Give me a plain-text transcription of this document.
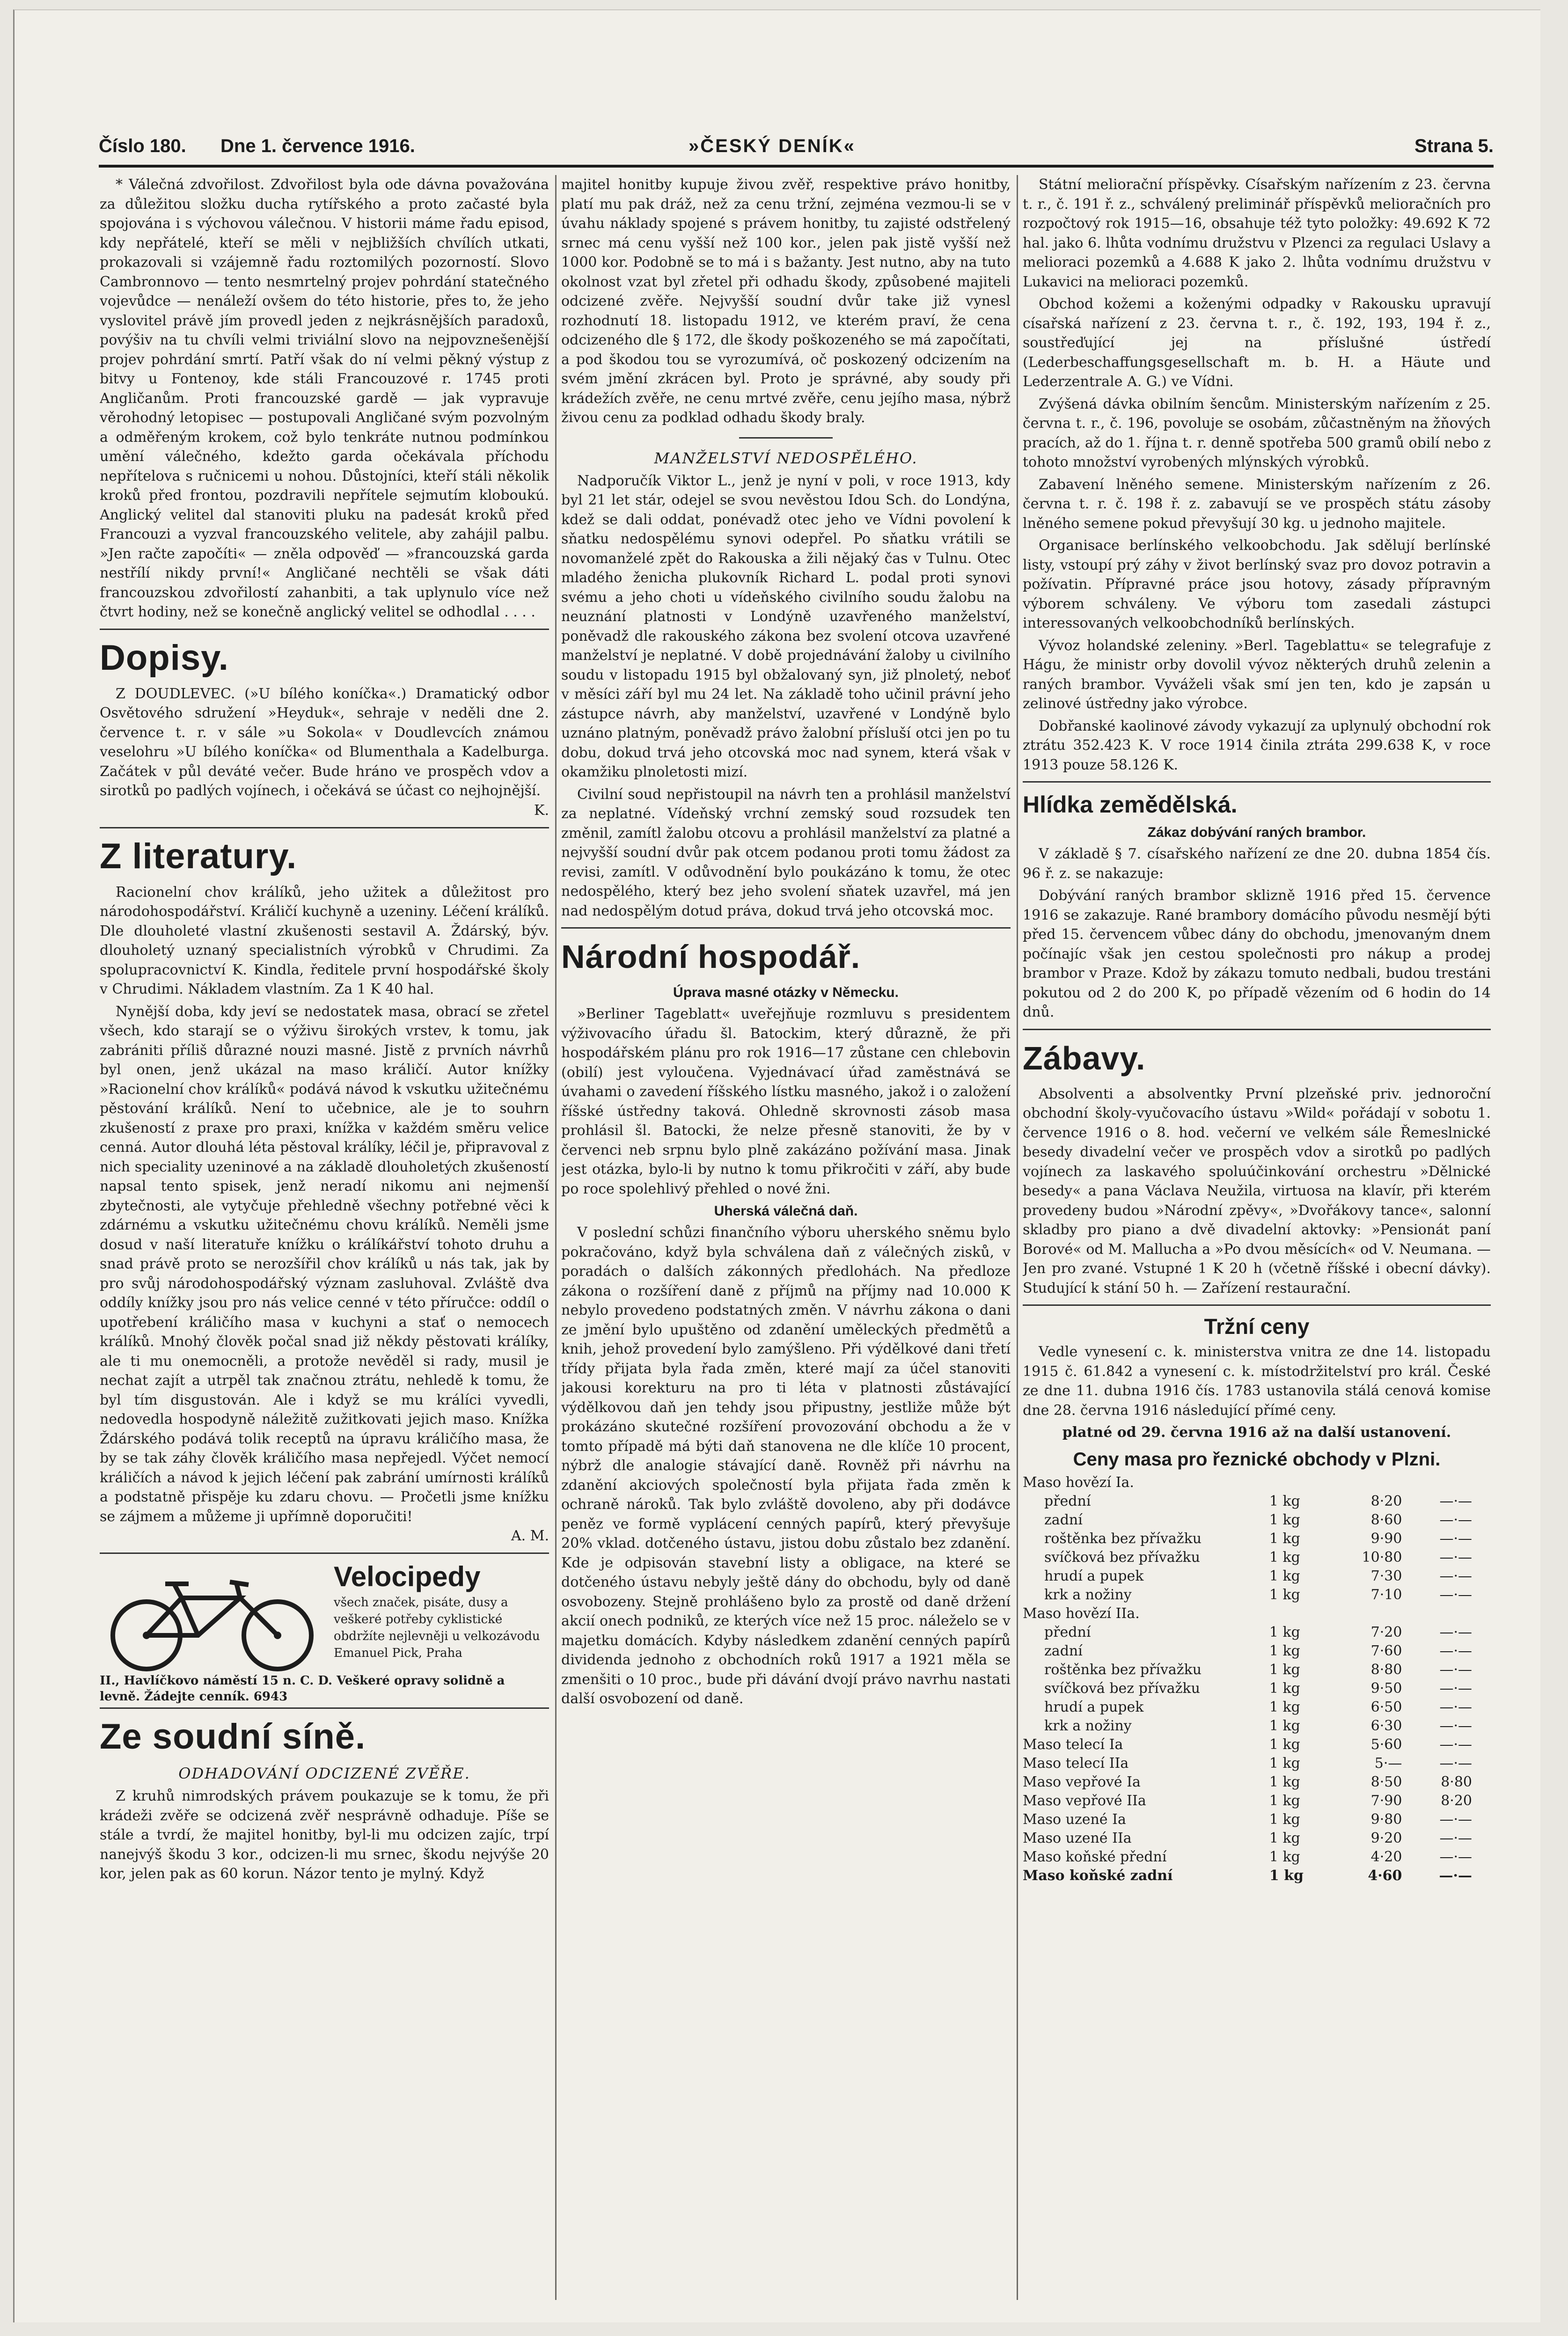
Číslo 180. Dne 1. července 1916.	»ČESKÝ DENÍK«	Strana 5.

* Válečná zdvořilost. Zdvořilost byla ode dávna považována za důležitou složku ducha rytířského a proto začasté byla spojována i s výchovou válečnou. V historii máme řadu episod, kdy nepřátelé, kteří se měli v nejbližších chvílích utkati, prokazovali si vzájemně řadu roztomilých pozorností. Slovo Cambronnovo — tento nesmrtelný projev pohrdání statečného vojevůdce — nenáleží ovšem do této historie, přes to, že jeho vyslovitel právě jím provedl jeden z nejkrásnějších paradoxů, povýšiv na tu chvíli velmi triviální slovo na nejpovznešenější projev pohrdání smrtí. Patří však do ní velmi pěkný výstup z bitvy u Fontenoy, kde stáli Francouzové r. 1745 proti Angličanům. Proti francouzské gardě — jak vypravuje věrohodný letopisec — postupovali Angličané svým pozvolným a odměřeným krokem, což bylo tenkráte nutnou podmínkou umění válečného, kdežto garda očekávala příchodu nepřítelova s ručnicemi u nohou. Důstojníci, kteří stáli několik kroků před frontou, pozdravili nepřítele sejmutím kloboukú. Anglický velitel dal stanoviti pluku na padesát kroků před Francouzi a vyzval francouzského velitele, aby zahájil palbu. »Jen račte započíti« — zněla odpověď — »francouzská garda nestřílí nikdy první!« Angličané nechtěli se však dáti francouzskou zdvořilostí zahanbiti, a tak uplynulo více než čtvrt hodiny, než se konečně anglický velitel se odhodlal . . . .

Dopisy.

Z DOUDLEVEC. (»U bílého koníčka«.) Dramatický odbor Osvětového sdružení »Heyduk«, sehraje v neděli dne 2. července t. r. v sále »u Sokola« v Doudlevcích známou veselohru »U bílého koníčka« od Blumenthala a Kadelburga. Začátek v půl deváté večer. Bude hráno ve prospěch vdov a sirotků po padlých vojínech, i očekává se účast co nejhojnější.

K.
Z literatury.

Racionelní chov králíků, jeho užitek a důležitost pro národohospodářství. Králičí kuchyně a uzeniny. Léčení králíků. Dle dlouholeté vlastní zkušenosti sestavil A. Ždárský, býv. dlouholetý uznaný specialistních výrobků v Chrudimi. Za spolupracovnictví K. Kindla, ředitele první hospodářské školy v Chrudimi. Nákladem vlastním. Za 1 K 40 hal.

Nynější doba, kdy jeví se nedostatek masa, obrací se zřetel všech, kdo starají se o výživu širokých vrstev, k tomu, jak zabrániti příliš důrazné nouzi masné. Jistě z prvních návrhů byl onen, jenž ukázal na maso králičí. Autor knížky »Racionelní chov králíků« podává návod k vskutku užitečnému pěstování králíků. Není to učebnice, ale je to souhrn zkušeností z praxe pro praxi, knížka v každém směru velice cenná. Autor dlouhá léta pěstoval králíky, léčil je, připravoval z nich speciality uzeninové a na základě dlouholetých zkušeností napsal tento spisek, jenž neradí nikomu ani nejmenší zbytečnosti, ale vytyčuje přehledně všechny potřebné věci k zdárnému a vskutku užitečnému chovu králíků. Neměli jsme dosud v naší literatuře knížku o králíkářství tohoto druhu a snad právě proto se nerozšířil chov králíků u nás tak, jak by pro svůj národohospodářský význam zasluhoval. Zvláště dva oddíly knížky jsou pro nás velice cenné v této příručce: oddíl o upotřebení králičího masa v kuchyni a stať o nemocech králíků. Mnohý člověk počal snad již někdy pěstovati králíky, ale ti mu onemocněli, a protože nevěděl si rady, musil je nechat zajít a utrpěl tak značnou ztrátu, nehledě k tomu, že byl tím disgustován. Ale i když se mu králíci vyvedli, nedovedla hospodyně náležitě zužitkovati jejich maso. Knížka Ždárského podává tolik receptů na úpravu králičího masa, že by se tak záhy člověk králičího masa nepřejedl. Výčet nemocí králičích a návod k jejich léčení pak zabrání umírnosti králíků a podstatně přispěje ku zdaru chovu. — Pročetli jsme knížku se zájmem a můžeme ji upřímně doporučiti!

A. M.
Velocipedy
všech značek, pisáte, dusy a veškeré potřeby cyklistické obdržíte nejlevněji u velkozávodu Emanuel Pick, Praha
II., Havlíčkovo náměstí 15 n. C. D. Veškeré opravy solidně a levně. Žádejte cenník. 6943
Ze soudní síně.
ODHADOVÁNÍ ODCIZENÉ ZVĚŘE.

Z kruhů nimrodských právem poukazuje se k tomu, že při krádeži zvěře se odcizená zvěř nesprávně odhaduje. Píše se stále a tvrdí, že majitel honitby, byl-li mu odcizen zajíc, trpí nanejvýš škodu 3 kor., odcizen-li mu srnec, škodu nejvýše 20 kor, jelen pak as 60 korun. Názor tento je mylný. Když

majitel honitby kupuje živou zvěř, respektive právo honitby, platí mu pak dráž, než za cenu tržní, zejména vezmou-li se v úvahu náklady spojené s právem honitby, tu zajisté odstřelený srnec má cenu vyšší než 100 kor., jelen pak jistě vyšší než 1000 kor. Podobně se to má i s bažanty. Jest nutno, aby na tuto okolnost vzat byl zřetel při odhadu škody, způsobené majiteli odcizené zvěře. Nejvyšší soudní dvůr take již vynesl rozhodnutí 18. listopadu 1912, ve kterém praví, že cena odcizeného dle § 172, dle škody poškozeného se má započítati, a pod škodou tou se vyrozumívá, oč poskozený odcizením na svém jmění zkrácen byl. Proto je správné, aby soudy při krádežích zvěře, ne cenu mrtvé zvěře, cenu jejího masa, nýbrž živou cenu za podklad odhadu škody braly.

MANŽELSTVÍ NEDOSPĚLÉHO.

Nadporučík Viktor L., jenž je nyní v poli, v roce 1913, kdy byl 21 let stár, odejel se svou nevěstou Idou Sch. do Londýna, kdež se dali oddat, ponévadž otec jeho ve Vídni povolení k sňatku nedospělému synovi odepřel. Po sňatku vrátili se novomanželé zpět do Rakouska a žili nějaký čas v Tulnu. Otec mladého ženicha plukovník Richard L. podal proti synovi svému a jeho choti u vídeňského civilního soudu žalobu na neuznání platnosti v Londýně uzavřeného manželství, poněvadž dle rakouského zákona bez svolení otcova uzavřené manželství je neplatné. V době projednávání žaloby u civilního soudu v listopadu 1915 byl obžalovaný syn, již plnoletý, neboť v měsíci září byl mu 24 let. Na základě toho učinil právní jeho zástupce návrh, aby manželství, uzavřené v Londýně bylo uznáno platným, poněvadž právo žalobní přísluší otci jen po tu dobu, dokud trvá jeho otcovská moc nad synem, která však v okamžiku plnoletosti mizí.

Civilní soud nepřistoupil na návrh ten a prohlásil manželství za neplatné. Vídeňský vrchní zemský soud rozsudek ten změnil, zamítl žalobu otcovu a prohlásil manželství za platné a nejvyšší soudní dvůr pak otcem podanou proti tomu žádost za revisi, zamítl. V odůvodnění bylo poukázáno k tomu, že otec nedospělého, který bez jeho svolení sňatek uzavřel, má jen nad nedospělým dotud práva, dokud trvá jeho otcovská moc.

Národní hospodář.
Úprava masné otázky v Německu.

»Berliner Tageblatt« uveřejňuje rozmluvu s presidentem výživovacího úřadu šl. Batockim, který důrazně, že při hospodářském plánu pro rok 1916—17 zůstane cen chlebovin (obilí) jest vyloučena. Vyjednávací úřad zaměstnává se úvahami o zavedení říšského lístku masného, jakož i o založení říšské ústředny taková. Ohledně skrovnosti zásob masa prohlásil šl. Batocki, že nelze přesně stanoviti, že by v červenci neb srpnu bylo plně zakázáno požívání masa. Jinak jest otázka, bylo-li by nutno k tomu přikročiti v září, aby bude po roce spolehlivý přehled o nové žni.

Uherská válečná daň.

V poslední schůzi finančního výboru uherského sněmu bylo pokračováno, když byla schválena daň z válečných zisků, v poradách o dalších zákonných předlohách. Na předloze zákona o rozšíření daně z příjmů na příjmy nad 10.000 K nebylo provedeno podstatných změn. V návrhu zákona o dani ze jmění bylo upuštěno od zdanění uměleckých předmětů a knih, jehož provedení bylo zamýšleno. Při výdělkové dani třetí třídy přijata byla řada změn, které mají za účel stanoviti jakousi korekturu na pro ti léta v platnosti zůstávající výdělkovou daň jen tehdy jsou připustny, jestliže může být prokázáno skutečné rozšíření provozování obchodu a že v tomto případě má býti daň stanovena ne dle klíče 10 procent, nýbrž dle analogie stávající daně. Rovněž při návrhu na zdanění akciových společností byla přijata řada změn k ochraně nároků. Tak bylo zvláště dovoleno, aby při dodávce peněz ve formě vyplácení cenných papírů, který převyšuje 20% vklad. dotčeného ústavu, jistou dobu zůstalo bez zdanění. Kde je odpisován stavební listy a obligace, na které se dotčeného ústavu nebyly ještě dány do obchodu, byly od daně osvobozeny. Stejně prohlášeno bylo za prostě od daně držení akcií onech podniků, ze kterých více než 15 proc. náleželo se v majetku domácích. Kdyby následkem zdanění cenných papírů dividenda jednoho z obchodních roků 1917 a 1921 měla se zmenšiti o 10 proc., bude při dávání dvojí právo navrhu nastati další osvobození od daně.

Státní meliorační příspěvky. Císařským nařízením z 23. června t. r., č. 191 ř. z., schválený preliminář příspěvků melioračních pro rozpočtový rok 1915—16, obsahuje též tyto položky: 49.692 K 72 hal. jako 6. lhůta vodnímu družstvu v Plzenci za regulaci Uslavy a melioraci pozemků a 4.688 K jako 2. lhůta vodnímu družstvu v Lukavici na melioraci pozemků.

Obchod kožemi a koženými odpadky v Rakousku upravují císařská nařízení z 23. června t. r., č. 192, 193, 194 ř. z., soustřeďující jej na příslušné ústředí (Lederbeschaffungsgesellschaft m. b. H. a Häute und Lederzentrale A. G.) ve Vídni.

Zvýšená dávka obilním šencům. Ministerským nařízením z 25. června t. r., č. 196, povoluje se osobám, zůčastněným na žňových pracích, až do 1. října t. r. denně spotřeba 500 gramů obilí nebo z tohoto množství vyrobených mlýnských výrobků.

Zabavení lněného semene. Ministerským nařízením z 26. června t. r. č. 198 ř. z. zabavují se ve prospěch státu zásoby lněného semene pokud převyšují 30 kg. u jednoho majitele.

Organisace berlínského velkoobchodu. Jak sdělují berlínské listy, vstoupí prý záhy v život berlínský svaz pro dovoz potravin a požívatin. Přípravné práce jsou hotovy, zásady přípravným výborem schváleny. Ve výboru tom zasedali zástupci interessovaných velkoobchodníků berlínských.

Vývoz holandské zeleniny. »Berl. Tageblattu« se telegrafuje z Hágu, že ministr orby dovolil vývoz některých druhů zelenin a raných brambor. Vyváželi však smí jen ten, kdo je zapsán u zelinové ústředny jako výrobce.

Dobřanské kaolinové závody vykazují za uplynulý obchodní rok ztrátu 352.423 K. V roce 1914 činila ztráta 299.638 K, v roce 1913 pouze 58.126 K.

Hlídka zemědělská.
Zákaz dobývání raných brambor.

V základě § 7. císařského nařízení ze dne 20. dubna 1854 čís. 96 ř. z. se nakazuje:

Dobývání raných brambor sklizně 1916 před 15. července 1916 se zakazuje. Rané brambory domácího původu nesmějí býti před 15. červencem vůbec dány do obchodu, jmenovaným dnem počínajíc však jen cestou společnosti pro nákup a prodej brambor v Praze. Kdož by zákazu tomuto nedbali, budou trestáni pokutou od 2 do 200 K, po případě vězením od 6 hodin do 14 dnů.

Zábavy.

Absolventi a absolventky První plzeňské priv. jednoroční obchodní školy-vyučovacího ústavu »Wild« pořádají v sobotu 1. července 1916 o 8. hod. večerní ve velkém sále Řemeslnické besedy divadelní večer ve prospěch vdov a sirotků po padlých vojínech za laskavého spoluúčinkování orchestru »Dělnické besedy« a pana Václava Neužila, virtuosa na klavír, při kterém provedeny budou »Národní zpěvy«, »Dvořákovy tance«, salonní skladby pro piano a dvě divadelní aktovky: »Pensionát paní Borové« od M. Mallucha a »Po dvou měsících« od V. Neumana. — Jen pro zvané. Vstupné 1 K 20 h (včetně říšské i obecní dávky). Studující k stání 50 h. — Zařízení restaurační.

Tržní ceny

Vedle vynesení c. k. ministerstva vnitra ze dne 14. listopadu 1915 č. 61.842 a vynesení c. k. místodržitelství pro král. České ze dne 11. dubna 1916 čís. 1783 ustanovila stálá cenová komise dne 28. června 1916 následující přímé ceny.

platné od 29. června 1916 až na další ustanovení.

Ceny masa pro řeznické obchody v Plzni.
Maso hovězí Ia.			
přední	1 kg	8·20	—·—
zadní	1 kg	8·60	—·—
roštěnka bez přívažku	1 kg	9·90	—·—
svíčková bez přívažku	1 kg	10·80	—·—
hrudí a pupek	1 kg	7·30	—·—
krk a nožiny	1 kg	7·10	—·—
Maso hovězí IIa.			
přední	1 kg	7·20	—·—
zadní	1 kg	7·60	—·—
roštěnka bez přívažku	1 kg	8·80	—·—
svíčková bez přívažku	1 kg	9·50	—·—
hrudí a pupek	1 kg	6·50	—·—
krk a nožiny	1 kg	6·30	—·—
Maso telecí Ia	1 kg	5·60	—·—
Maso telecí IIa	1 kg	5·—	—·—
Maso vepřové Ia	1 kg	8·50	8·80
Maso vepřové IIa	1 kg	7·90	8·20
Maso uzené Ia	1 kg	9·80	—·—
Maso uzené IIa	1 kg	9·20	—·—
Maso koňské přední	1 kg	4·20	—·—
Maso koňské zadní	1 kg	4·60	—·—
